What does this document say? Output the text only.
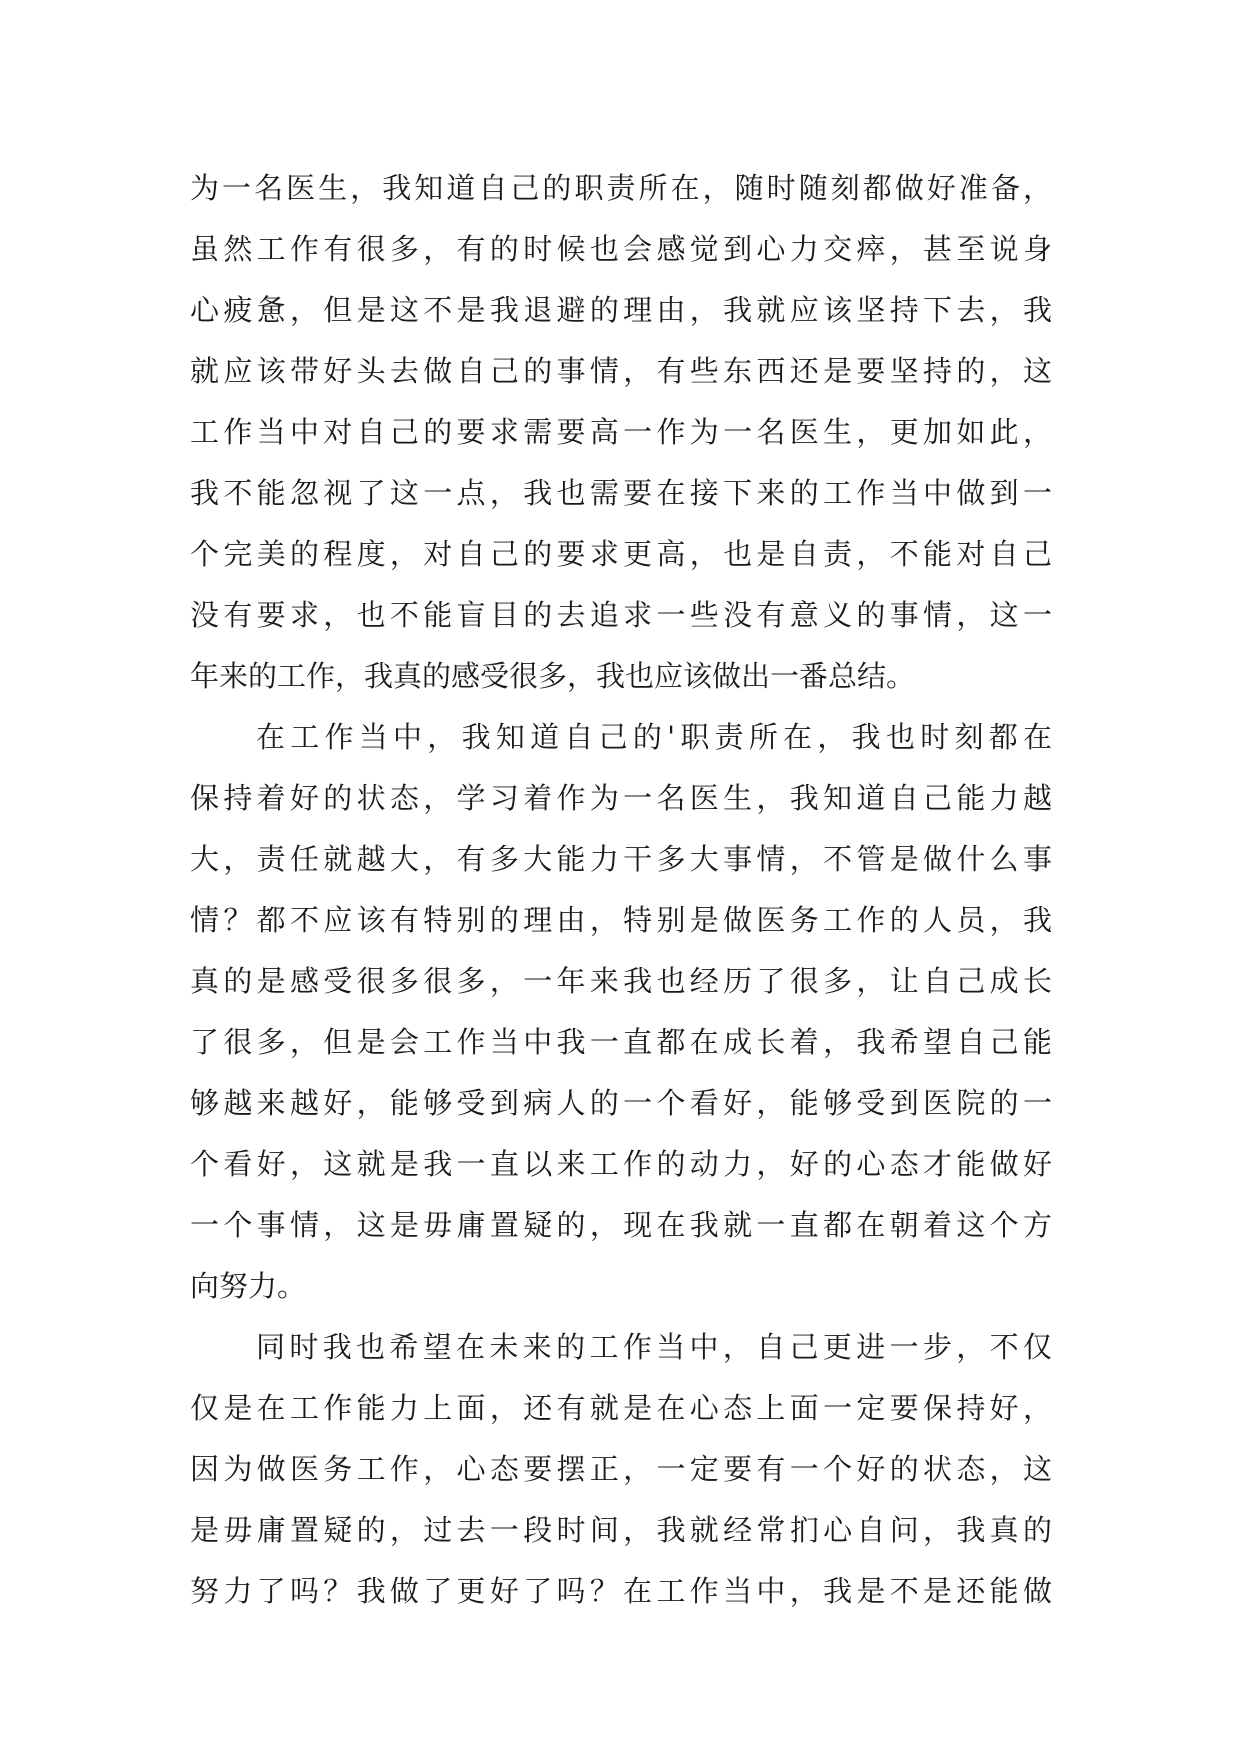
为一名医生，我知道自己的职责所在，随时随刻都做好准备，
虽然工作有很多，有的时候也会感觉到心力交瘁，甚至说身
心疲惫，但是这不是我退避的理由，我就应该坚持下去，我
就应该带好头去做自己的事情，有些东西还是要坚持的，这
工作当中对自己的要求需要高一作为一名医生，更加如此，
我不能忽视了这一点，我也需要在接下来的工作当中做到一
个完美的程度，对自己的要求更高，也是自责，不能对自己
没有要求，也不能盲目的去追求一些没有意义的事情，这一
年来的工作，我真的感受很多，我也应该做出一番总结。
在工作当中，我知道自己的'职责所在，我也时刻都在
保持着好的状态，学习着作为一名医生，我知道自己能力越
大，责任就越大，有多大能力干多大事情，不管是做什么事
情？都不应该有特别的理由，特别是做医务工作的人员，我
真的是感受很多很多，一年来我也经历了很多，让自己成长
了很多，但是会工作当中我一直都在成长着，我希望自己能
够越来越好，能够受到病人的一个看好，能够受到医院的一
个看好，这就是我一直以来工作的动力，好的心态才能做好
一个事情，这是毋庸置疑的，现在我就一直都在朝着这个方
向努力。
同时我也希望在未来的工作当中，自己更进一步，不仅
仅是在工作能力上面，还有就是在心态上面一定要保持好，
因为做医务工作，心态要摆正，一定要有一个好的状态，这
是毋庸置疑的，过去一段时间，我就经常扪心自问，我真的
努力了吗？我做了更好了吗？在工作当中，我是不是还能做
